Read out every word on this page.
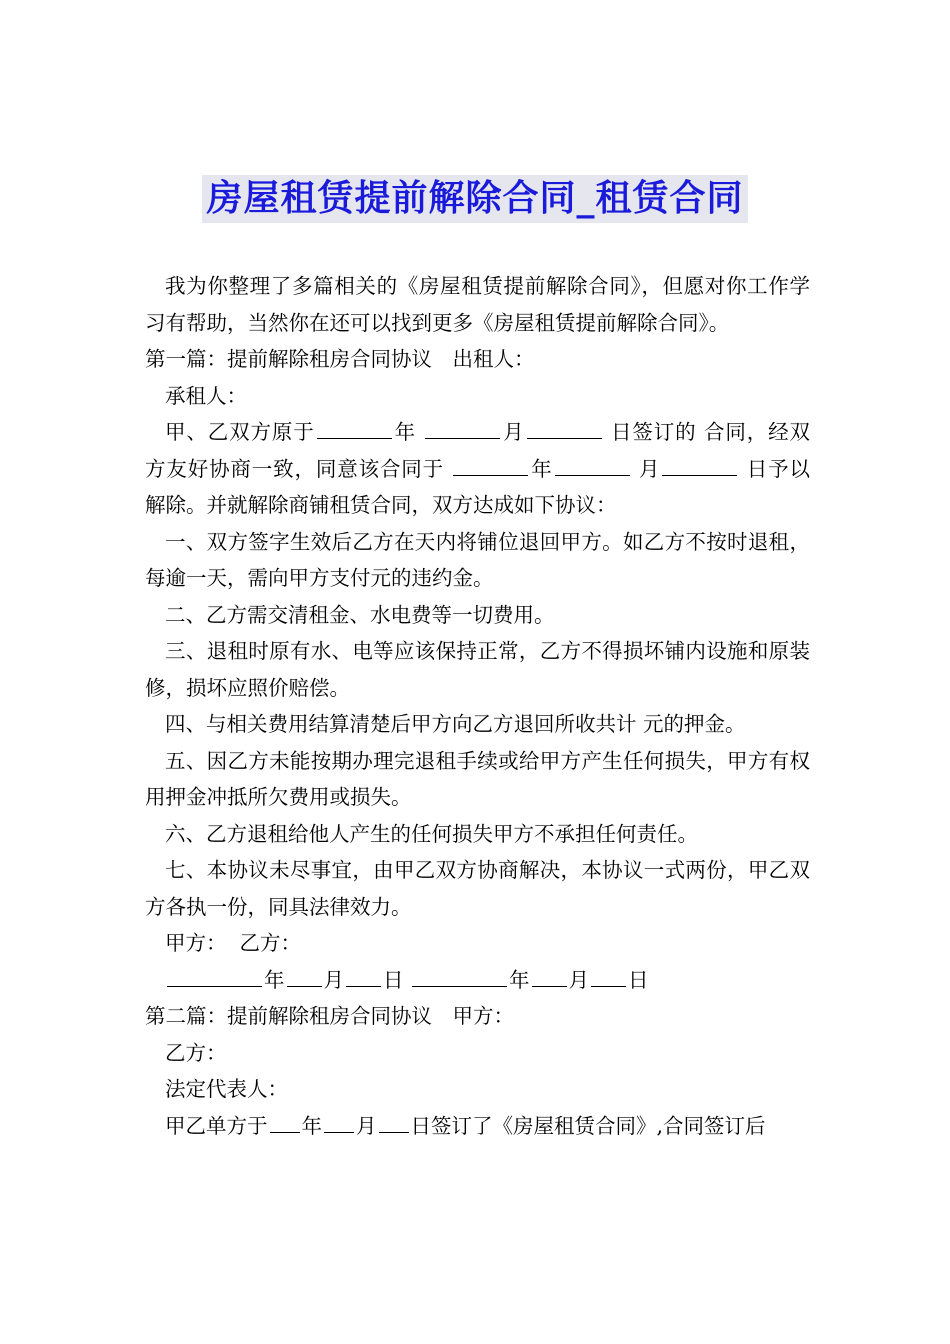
房屋租赁提前解除合同_租赁合同

我为你整理了多篇相关的《房屋租赁提前解除合同》，但愿对你工作学习有帮助，当然你在还可以找到更多《房屋租赁提前解除合同》。

第一篇：提前解除租房合同协议　出租人：

承租人：

甲、乙双方原于	年	月	日签订的 合同，经双方友好协商一致，同意该合同于	年	月	日予以解除。并就解除商铺租赁合同，双方达成如下协议：

一、双方签字生效后乙方在天内将铺位退回甲方。如乙方不按时退租，每逾一天，需向甲方支付元的违约金。

二、乙方需交清租金、水电费等一切费用。

三、退租时原有水、电等应该保持正常，乙方不得损坏铺内设施和原装修，损坏应照价赔偿。

四、与相关费用结算清楚后甲方向乙方退回所收共计 元的押金。

五、因乙方未能按期办理完退租手续或给甲方产生任何损失，甲方有权用押金冲抵所欠费用或损失。

六、乙方退租给他人产生的任何损失甲方不承担任何责任。

七、本协议未尽事宜，由甲乙双方协商解决，本协议一式两份，甲乙双方各执一份，同具法律效力。

甲方：  乙方：

年 月 日	年 月 日

第二篇：提前解除租房合同协议　甲方：

乙方：

法定代表人：

甲乙单方于 年 月 日签订了《房屋租赁合同》,合同签订后
